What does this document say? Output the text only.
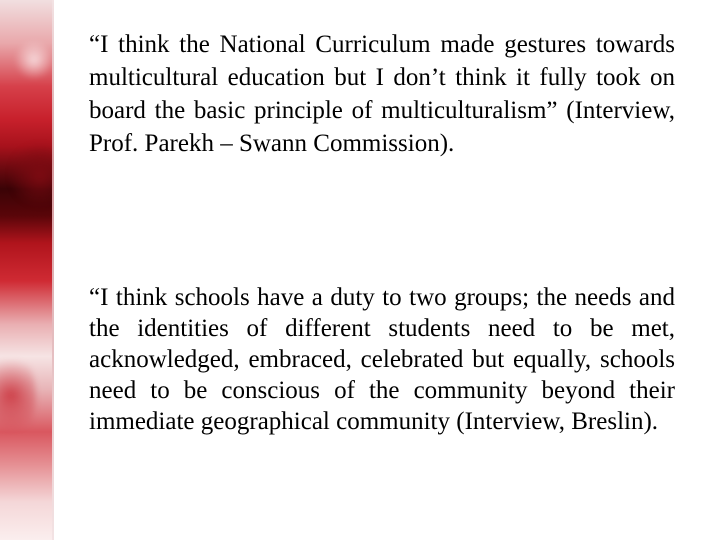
“I think the National Curriculum made gestures towards multicultural education but I don’t think it fully took on board the basic principle of multiculturalism” (Interview, Prof. Parekh – Swann Commission).

“I think schools have a duty to two groups; the needs and the identities of different students need to be met, acknowledged, embraced, celebrated but equally, schools need to be conscious of the community beyond their immediate geographical community (Interview, Breslin).
